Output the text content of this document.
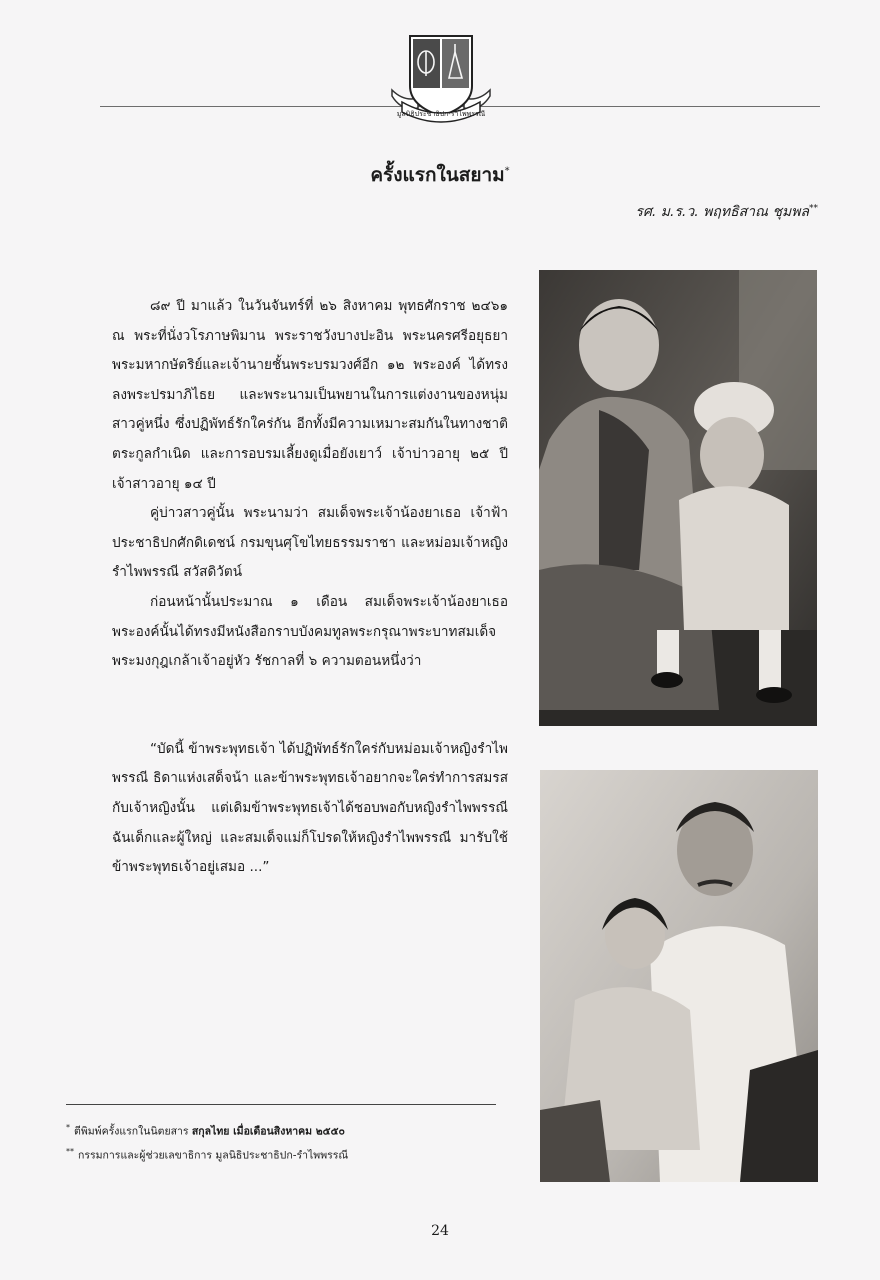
มูลนิธิประชาธิปก-รำไพพรรณี
ครั้งแรกในสยาม*
รศ. ม.ร.ว. พฤทธิสาณ ชุมพล**

๘๙ ปี มาแล้ว ในวันจันทร์ที่ ๒๖ สิงหาคม พุทธศักราช ๒๔๖๑ ณ พระที่นั่งวโรภาษพิมาน พระราชวังบางปะอิน พระนครศรีอยุธยา พระมหากษัตริย์และเจ้านายชั้นพระบรมวงศ์อีก ๑๒ พระองค์ ได้ทรงลงพระปรมาภิไธย และพระนามเป็นพยานในการแต่งงานของหนุ่มสาวคู่หนึ่ง ซึ่งปฏิพัทธ์รักใคร่กัน อีกทั้งมีความเหมาะสมกันในทางชาติตระกูลกำเนิด และการอบรมเลี้ยงดูเมื่อยังเยาว์ เจ้าบ่าวอายุ ๒๕ ปี เจ้าสาวอายุ ๑๔ ปี

คู่บ่าวสาวคู่นั้น พระนามว่า สมเด็จพระเจ้าน้องยาเธอ เจ้าฟ้าประชาธิปกศักดิเดชน์ กรมขุนศุโขไทยธรรมราชา และหม่อมเจ้าหญิงรำไพพรรณี สวัสดิวัตน์

ก่อนหน้านั้นประมาณ ๑ เดือน สมเด็จพระเจ้าน้องยาเธอพระองค์นั้นได้ทรงมีหนังสือกราบบังคมทูลพระกรุณาพระบาทสมเด็จพระมงกุฎเกล้าเจ้าอยู่หัว รัชกาลที่ ๖ ความตอนหนึ่งว่า

“บัดนี้ ข้าพระพุทธเจ้า ได้ปฏิพัทธ์รักใคร่กับหม่อมเจ้าหญิงรำไพพรรณี ธิดาแห่งเสด็จน้า และข้าพระพุทธเจ้าอยากจะใคร่ทำการสมรสกับเจ้าหญิงนั้น แต่เดิมข้าพระพุทธเจ้าได้ชอบพอกับหญิงรำไพพรรณี ฉันเด็กและผู้ใหญ่ และสมเด็จแม่ก็โปรดให้หญิงรำไพพรรณี มารับใช้ข้าพระพุทธเจ้าอยู่เสมอ ...”

* ตีพิมพ์ครั้งแรกในนิตยสาร สกุลไทย เมื่อเดือนสิงหาคม ๒๕๕๐
** กรรมการและผู้ช่วยเลขาธิการ มูลนิธิประชาธิปก-รำไพพรรณี
24
